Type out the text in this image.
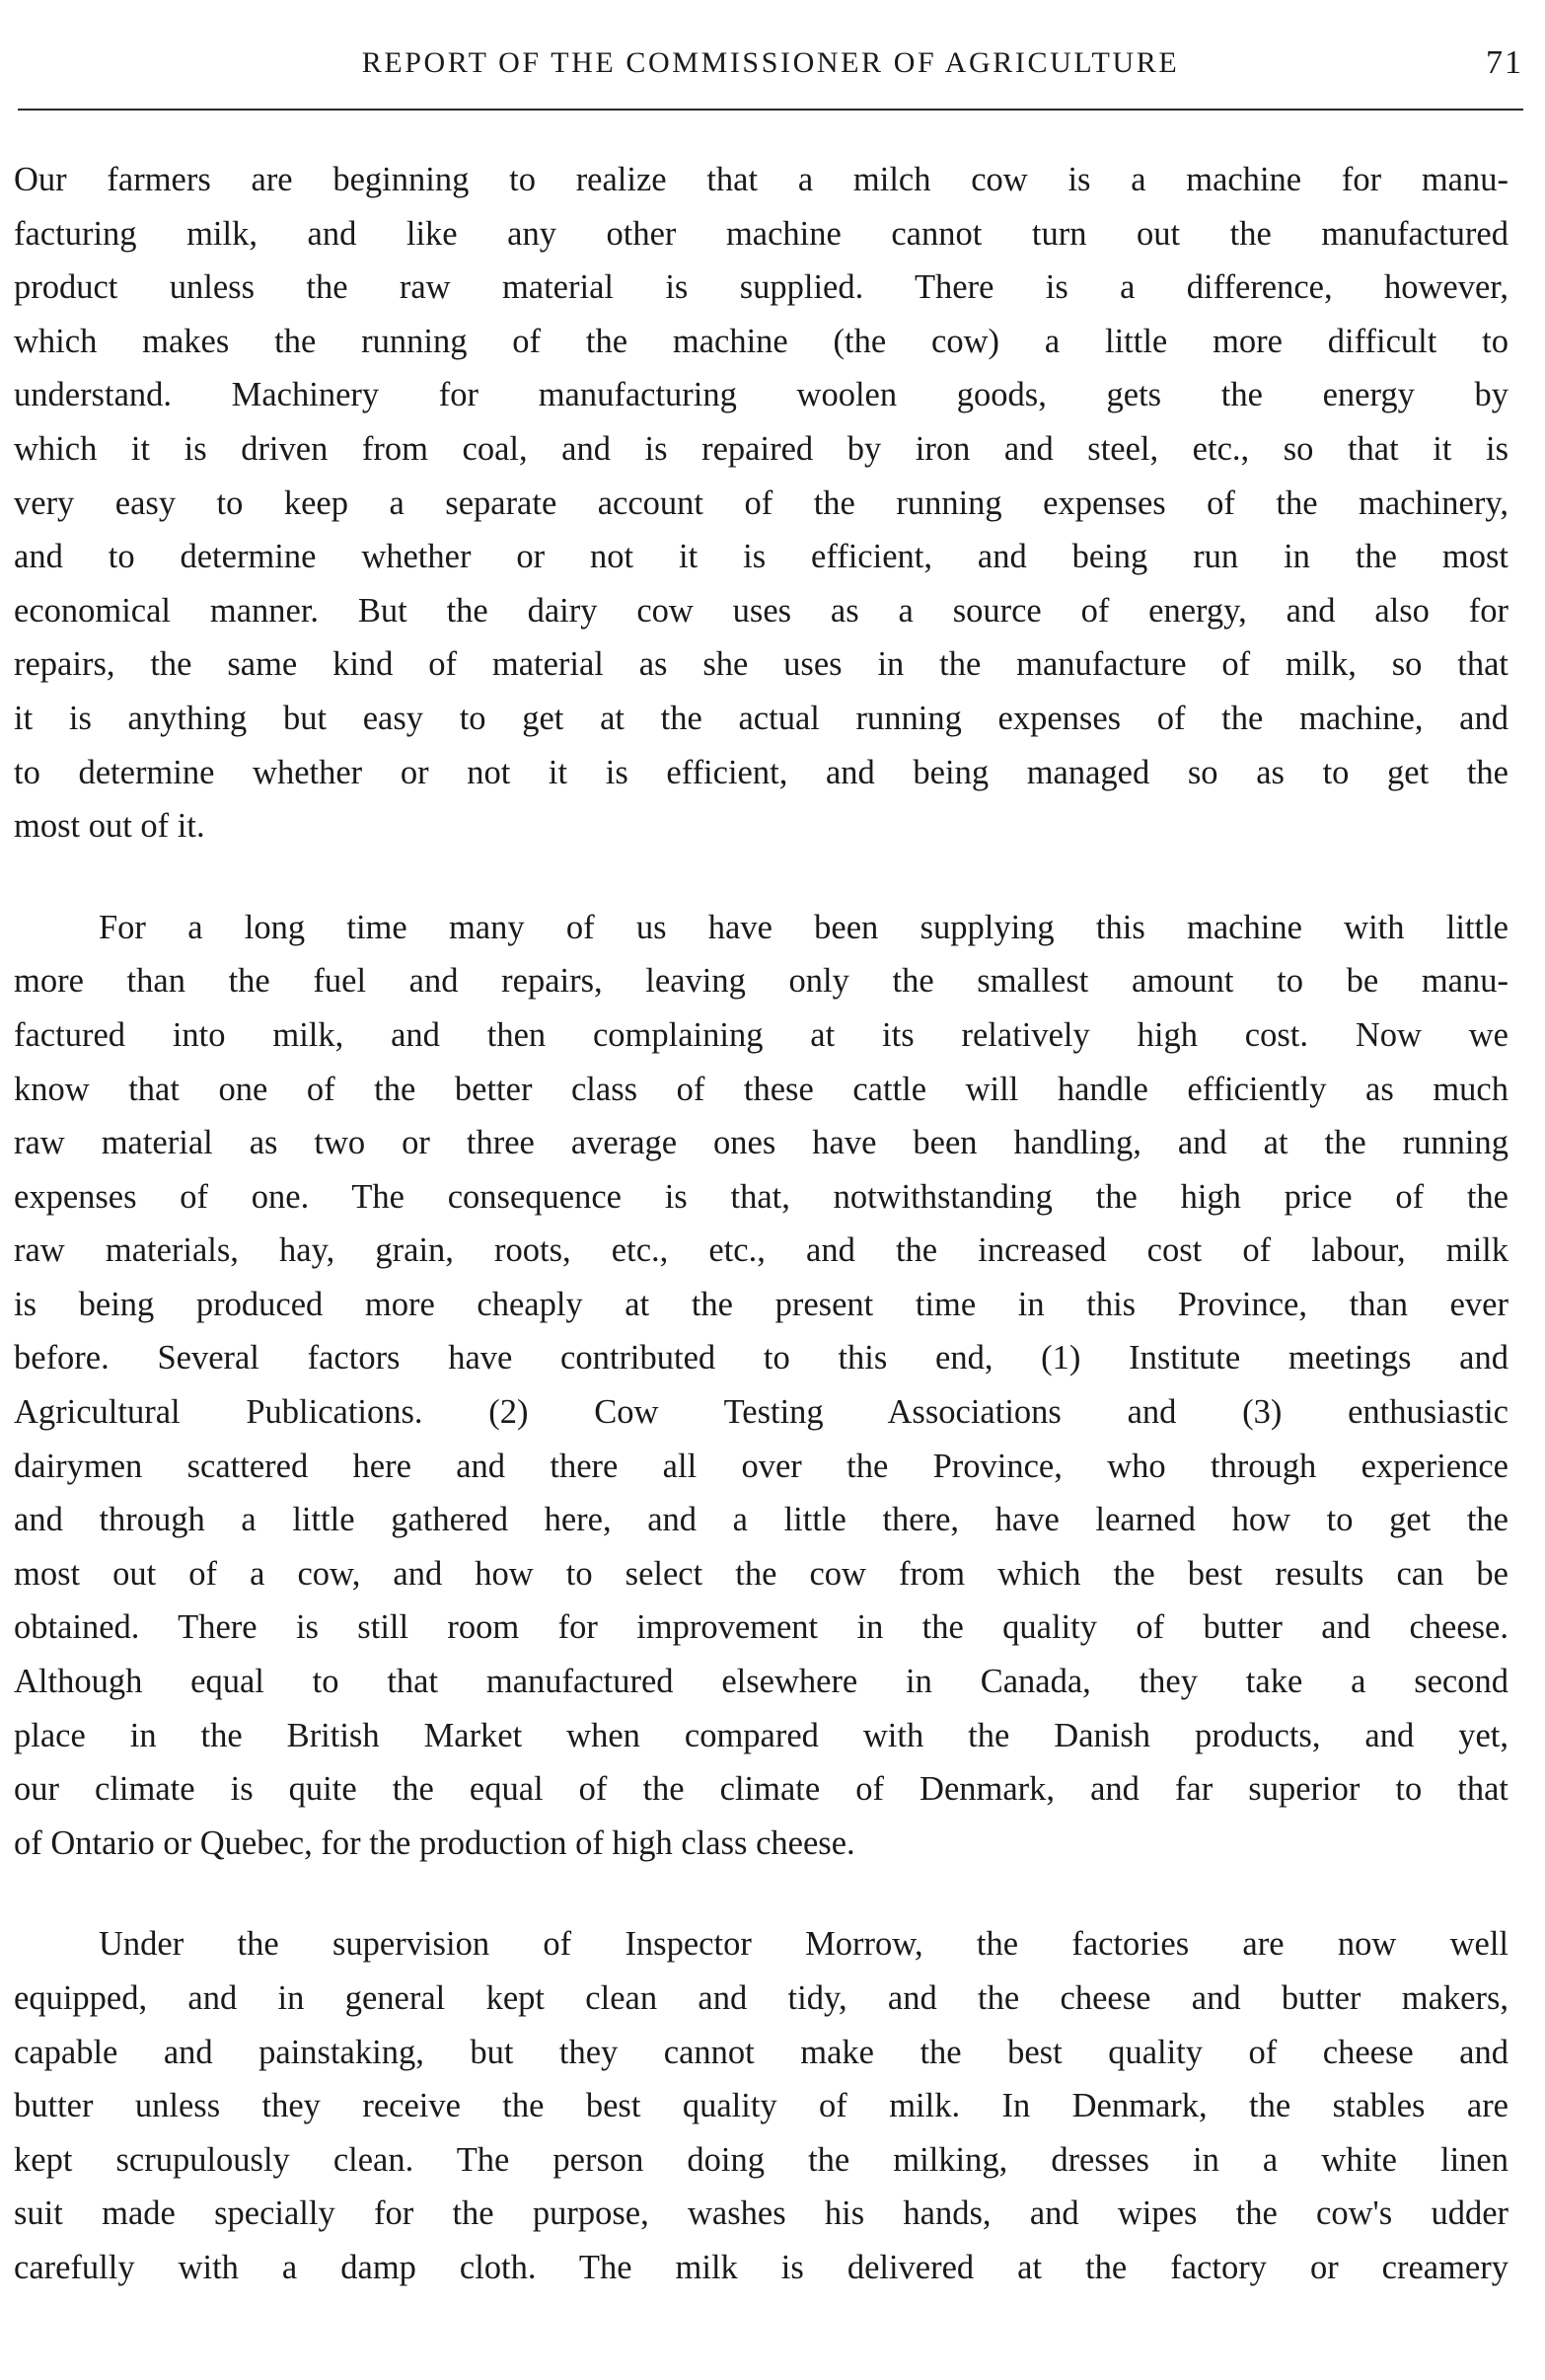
REPORT OF THE COMMISSIONER OF AGRICULTURE	71

Our farmers are beginning to realize that a milch cow is a machine for manu-
facturing milk, and like any other machine cannot turn out the manufactured
product unless the raw material is supplied. There is a difference, however,
which makes the running of the machine (the cow) a little more difficult to
understand. Machinery for manufacturing woolen goods, gets the energy by
which it is driven from coal, and is repaired by iron and steel, etc., so that it is
very easy to keep a separate account of the running expenses of the machinery,
and to determine whether or not it is efficient, and being run in the most
economical manner. But the dairy cow uses as a source of energy, and also for
repairs, the same kind of material as she uses in the manufacture of milk, so that
it is anything but easy to get at the actual running expenses of the machine, and
to determine whether or not it is efficient, and being managed so as to get the
most out of it.

For a long time many of us have been supplying this machine with little
more than the fuel and repairs, leaving only the smallest amount to be manu-
factured into milk, and then complaining at its relatively high cost. Now we
know that one of the better class of these cattle will handle efficiently as much
raw material as two or three average ones have been handling, and at the running
expenses of one. The consequence is that, notwithstanding the high price of the
raw materials, hay, grain, roots, etc., etc., and the increased cost of labour, milk
is being produced more cheaply at the present time in this Province, than ever
before. Several factors have contributed to this end, (1) Institute meetings and
Agricultural Publications. (2) Cow Testing Associations and (3) enthusiastic
dairymen scattered here and there all over the Province, who through experience
and through a little gathered here, and a little there, have learned how to get the
most out of a cow, and how to select the cow from which the best results can be
obtained. There is still room for improvement in the quality of butter and cheese.
Although equal to that manufactured elsewhere in Canada, they take a second
place in the British Market when compared with the Danish products, and yet,
our climate is quite the equal of the climate of Denmark, and far superior to that
of Ontario or Quebec, for the production of high class cheese.

Under the supervision of Inspector Morrow, the factories are now well
equipped, and in general kept clean and tidy, and the cheese and butter makers,
capable and painstaking, but they cannot make the best quality of cheese and
butter unless they receive the best quality of milk. In Denmark, the stables are
kept scrupulously clean. The person doing the milking, dresses in a white linen
suit made specially for the purpose, washes his hands, and wipes the cow's udder
carefully with a damp cloth. The milk is delivered at the factory or creamery
